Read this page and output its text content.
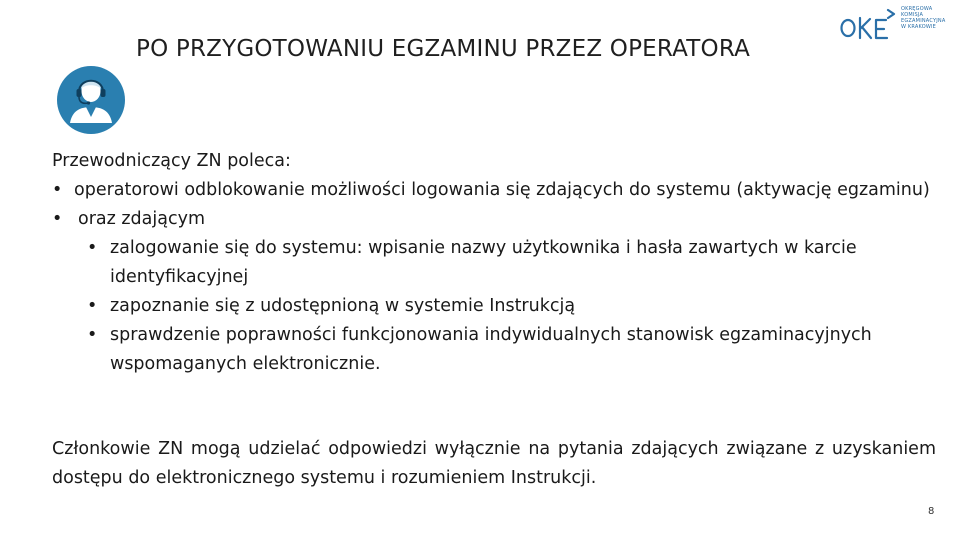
OKRĘGOWA
KOMISJA
EGZAMINACYJNA
W KRAKOWIE
PO PRZYGOTOWANIU EGZAMINU PRZEZ OPERATORA

Przewodniczący ZN poleca:

• operatorowi odblokowanie możliwości logowania się zdających do systemu (aktywację egzaminu)
• oraz zdającym
• zalogowanie się do systemu: wpisanie nazwy użytkownika i hasła zawartych w karcie identyfikacyjnej
• zapoznanie się z udostępnioną w systemie Instrukcją
• sprawdzenie poprawności funkcjonowania indywidualnych stanowisk egzaminacyjnych wspomaganych elektronicznie.
Członkowie ZN mogą udzielać odpowiedzi wyłącznie na pytania zdających związane z uzyskaniem dostępu do elektronicznego systemu i rozumieniem Instrukcji.
8
